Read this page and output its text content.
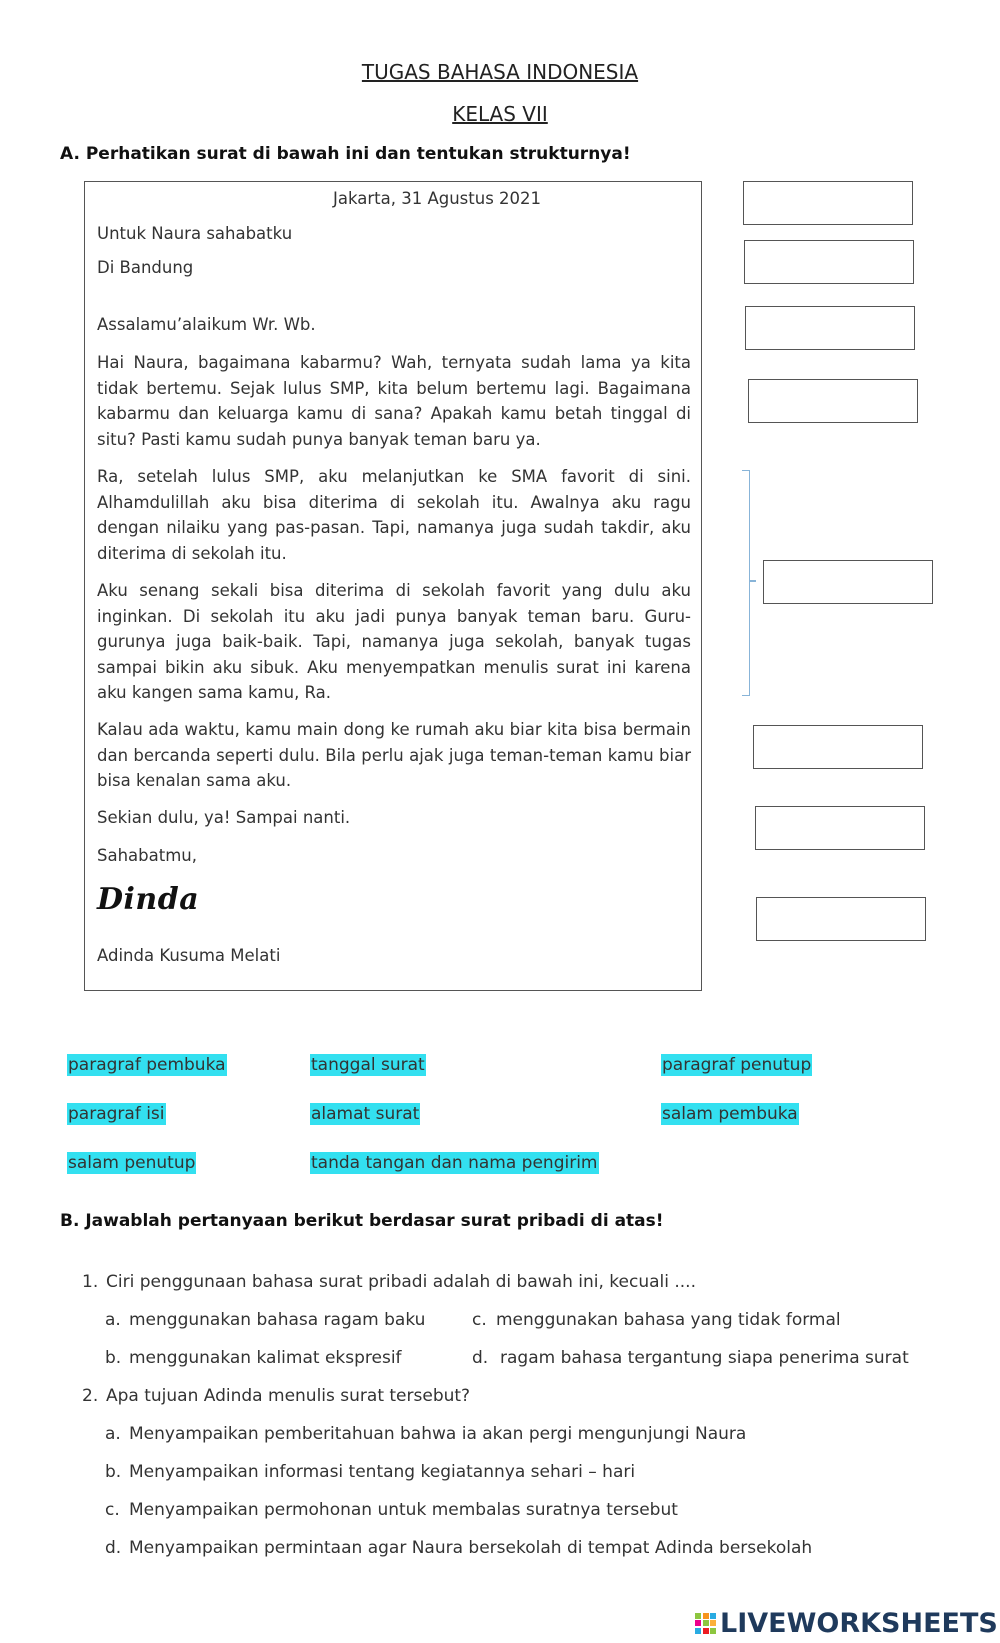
TUGAS BAHASA INDONESIA
KELAS VII
A. Perhatikan surat di bawah ini dan tentukan strukturnya!
Jakarta, 31 Agustus 2021
Untuk Naura sahabatku
Di Bandung
Assalamu’alaikum Wr. Wb.
Hai Naura, bagaimana kabarmu? Wah, ternyata sudah lama ya kita tidak bertemu. Sejak lulus SMP, kita belum bertemu lagi. Bagaimana kabarmu dan keluarga kamu di sana? Apakah kamu betah tinggal di situ? Pasti kamu sudah punya banyak teman baru ya.
Ra, setelah lulus SMP, aku melanjutkan ke SMA favorit di sini. Alhamdulillah aku bisa diterima di sekolah itu. Awalnya aku ragu dengan nilaiku yang pas-pasan. Tapi, namanya juga sudah takdir, aku diterima di sekolah itu.
Aku senang sekali bisa diterima di sekolah favorit yang dulu aku inginkan. Di sekolah itu aku jadi punya banyak teman baru. Guru-gurunya juga baik-baik. Tapi, namanya juga sekolah, banyak tugas sampai bikin aku sibuk. Aku menyempatkan menulis surat ini karena aku kangen sama kamu, Ra.
Kalau ada waktu, kamu main dong ke rumah aku biar kita bisa bermain dan bercanda seperti dulu. Bila perlu ajak juga teman-teman kamu biar bisa kenalan sama aku.
Sekian dulu, ya! Sampai nanti.
Sahabatmu,
Dinda
Adinda Kusuma Melati
paragraf pembuka	tanggal surat	paragraf penutup
paragraf isi	alamat surat	salam pembuka
salam penutup	tanda tangan dan nama pengirim
B. Jawablah pertanyaan berikut berdasar surat pribadi di atas!
1. Ciri penggunaan bahasa surat pribadi adalah di bawah ini, kecuali ....
a. menggunakan bahasa ragam baku	c. menggunakan bahasa yang tidak formal
b. menggunakan kalimat ekspresif	d. ragam bahasa tergantung siapa penerima surat
2. Apa tujuan Adinda menulis surat tersebut?
a. Menyampaikan pemberitahuan bahwa ia akan pergi mengunjungi Naura
b. Menyampaikan informasi tentang kegiatannya sehari – hari
c. Menyampaikan permohonan untuk membalas suratnya tersebut
d. Menyampaikan permintaan agar Naura bersekolah di tempat Adinda bersekolah
LIVEWORKSHEETS
